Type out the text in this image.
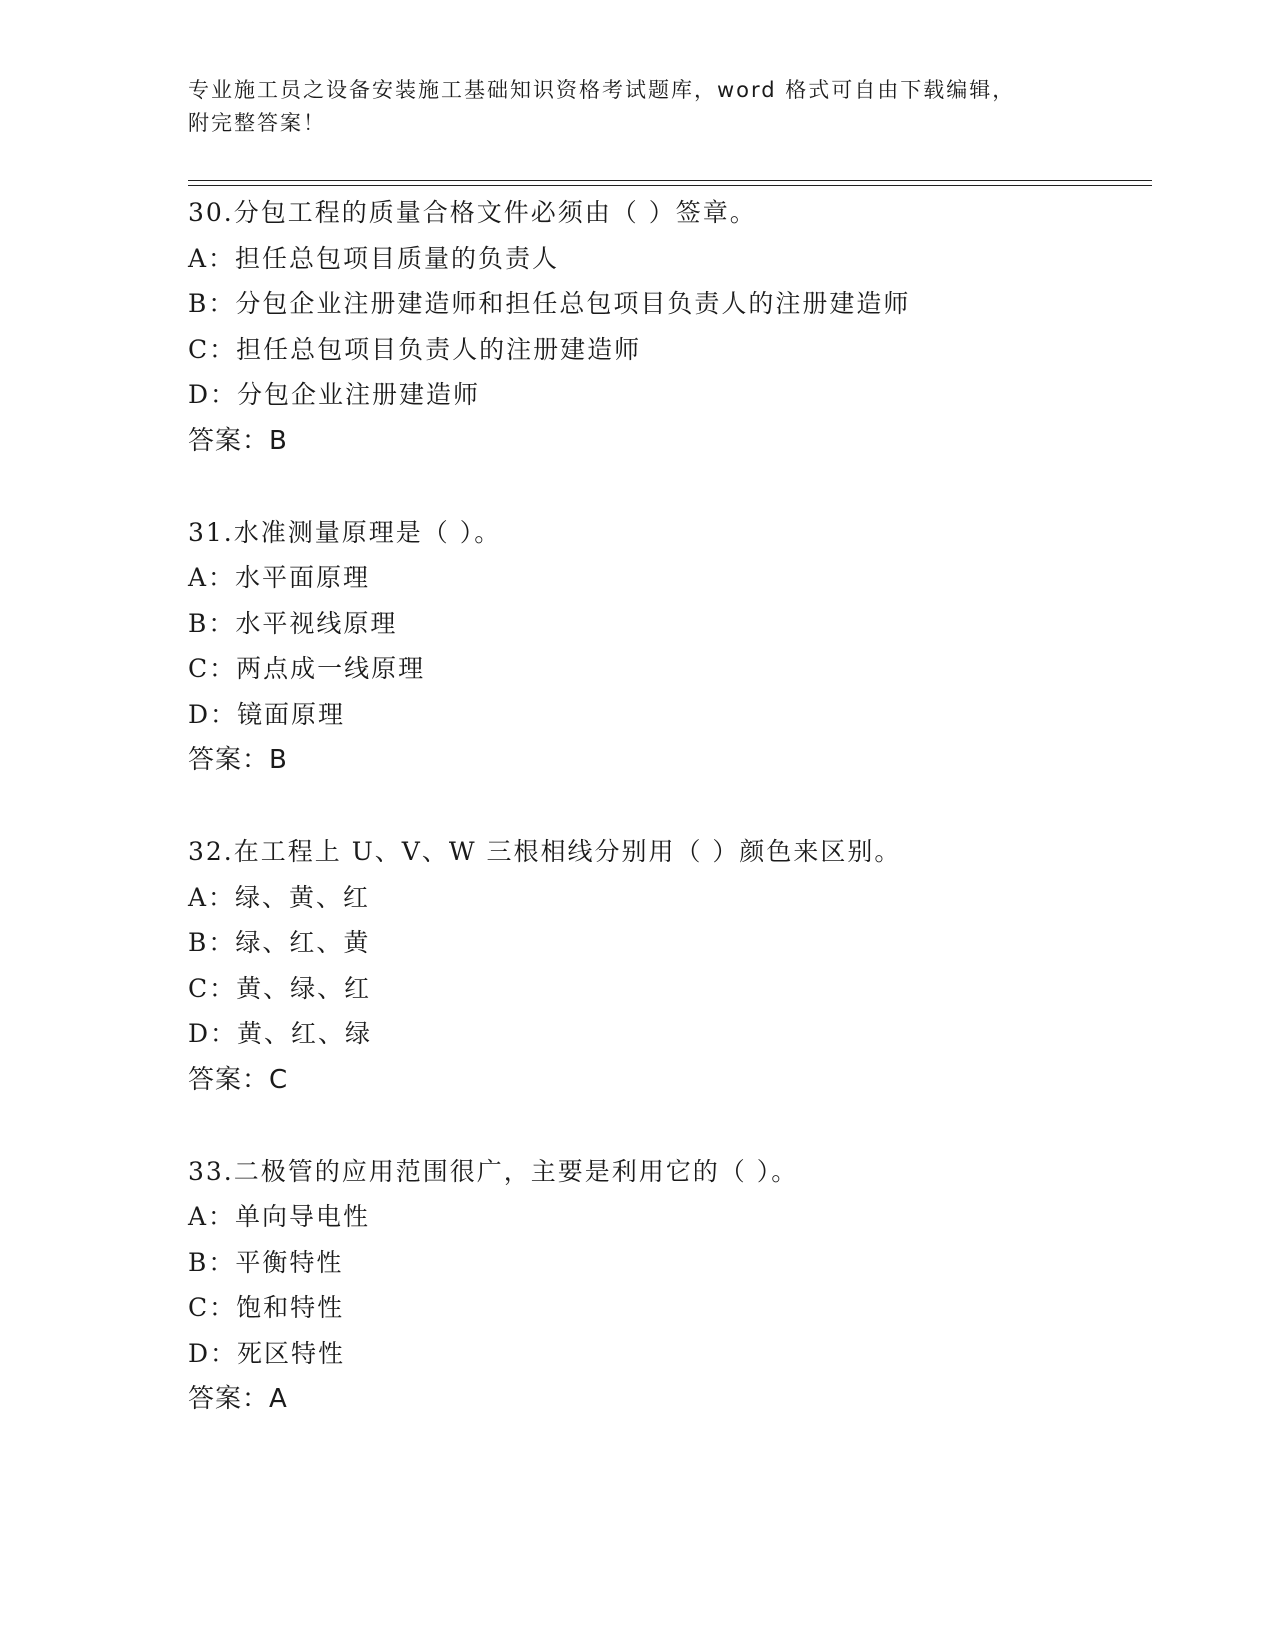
专业施工员之设备安装施工基础知识资格考试题库，word 格式可自由下载编辑，
附完整答案！
30.分包工程的质量合格文件必须由（ ）签章。
A：担任总包项目质量的负责人
B：分包企业注册建造师和担任总包项目负责人的注册建造师
C：担任总包项目负责人的注册建造师
D：分包企业注册建造师
答案：B
31.水准测量原理是（ ）。
A：水平面原理
B：水平视线原理
C：两点成一线原理
D：镜面原理
答案：B
32.在工程上 U、V、W 三根相线分别用（ ）颜色来区别。
A：绿、黄、红
B：绿、红、黄
C：黄、绿、红
D：黄、红、绿
答案：C
33.二极管的应用范围很广，主要是利用它的（ ）。
A：单向导电性
B：平衡特性
C：饱和特性
D：死区特性
答案：A
